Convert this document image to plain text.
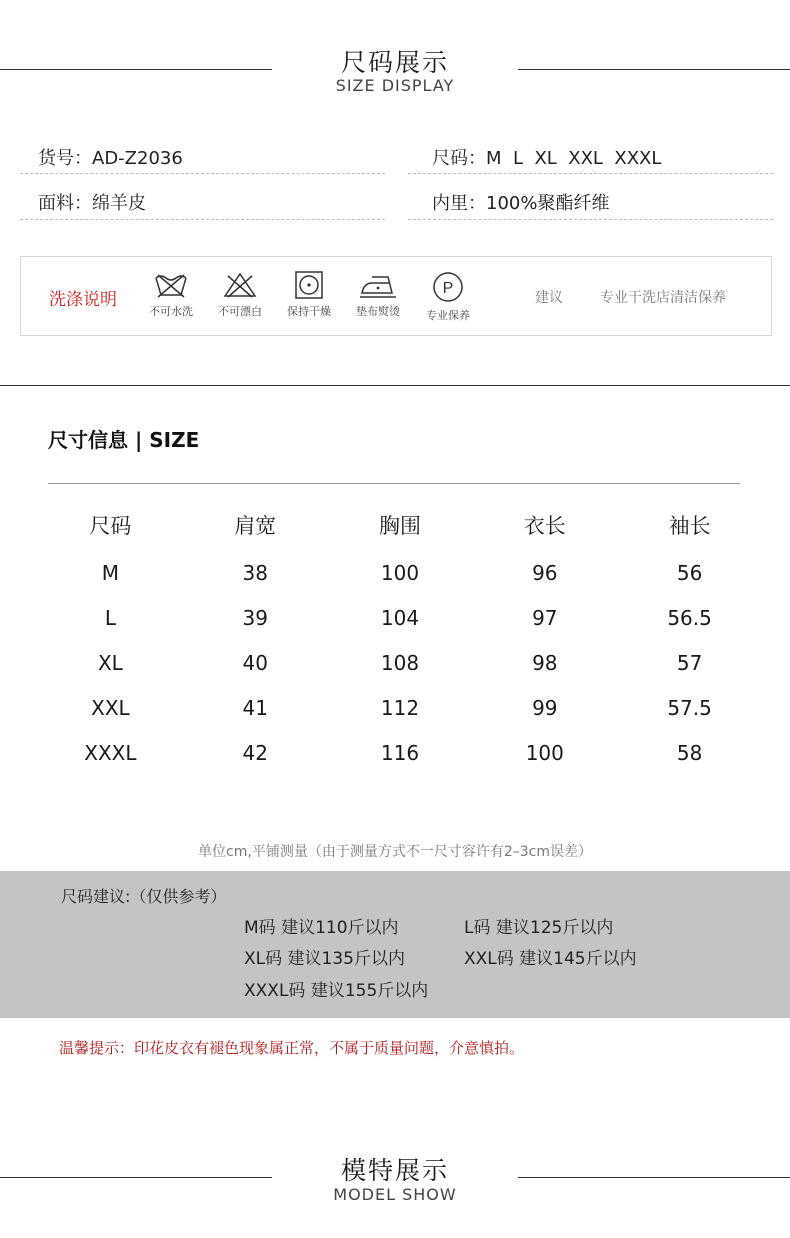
尺码展示
SIZE DISPLAY
货号：AD-Z2036	尺码：M  L  XL  XXL  XXXL
面料：绵羊皮	内里：100%聚酯纤维
洗涤说明
不可水洗	不可漂白	保持干燥	垫布熨烫
P
专业保养
建议	专业干洗店清洁保养
尺寸信息 | SIZE
尺码	肩宽	胸围	衣长	袖长
M	38	100	96	56
L	39	104	97	56.5
XL	40	108	98	57
XXL	41	112	99	57.5
XXXL	42	116	100	58
单位cm,平铺测量（由于测量方式不一尺寸容许有2–3cm误差）
尺码建议:（仅供参考）
M码 建议110斤以内	L码 建议125斤以内
XL码 建议135斤以内	XXL码 建议145斤以内
XXXL码 建议155斤以内
温馨提示：印花皮衣有褪色现象属正常，不属于质量问题，介意慎拍。
模特展示
MODEL SHOW
